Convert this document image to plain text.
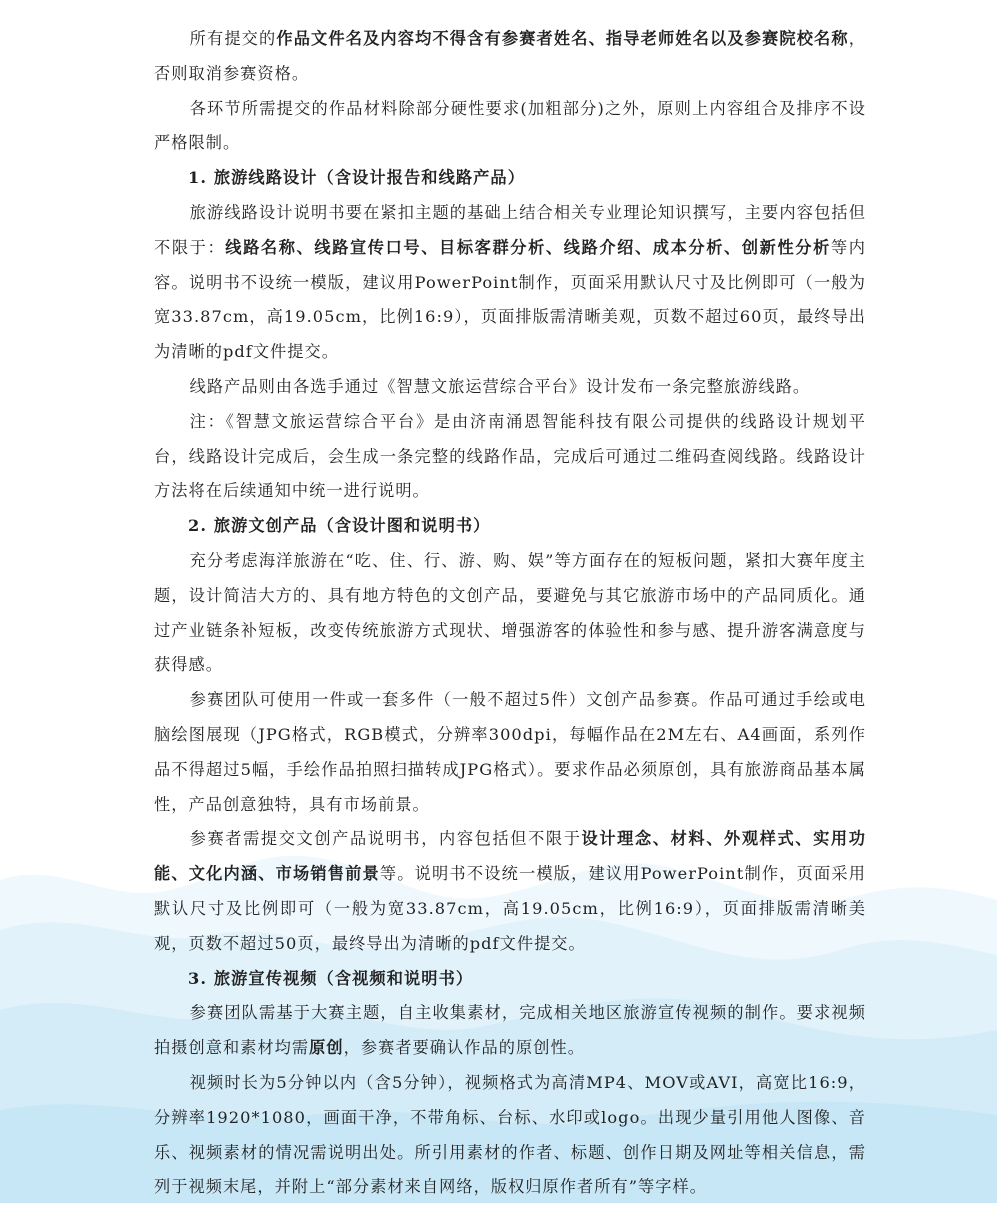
所有提交的作品文件名及内容均不得含有参赛者姓名、指导老师姓名以及参赛院校名称，否则取消参赛资格。

各环节所需提交的作品材料除部分硬性要求(加粗部分)之外，原则上内容组合及排序不设严格限制。

1. 旅游线路设计（含设计报告和线路产品）

旅游线路设计说明书要在紧扣主题的基础上结合相关专业理论知识撰写，主要内容包括但不限于：线路名称、线路宣传口号、目标客群分析、线路介绍、成本分析、创新性分析等内容。说明书不设统一模版，建议用PowerPoint制作，页面采用默认尺寸及比例即可（一般为宽33.87cm，高19.05cm，比例16:9），页面排版需清晰美观，页数不超过60页，最终导出为清晰的pdf文件提交。

线路产品则由各选手通过《智慧文旅运营综合平台》设计发布一条完整旅游线路。

注：《智慧文旅运营综合平台》是由济南涌恩智能科技有限公司提供的线路设计规划平台，线路设计完成后，会生成一条完整的线路作品，完成后可通过二维码查阅线路。线路设计方法将在后续通知中统一进行说明。

2. 旅游文创产品（含设计图和说明书）

充分考虑海洋旅游在“吃、住、行、游、购、娱”等方面存在的短板问题，紧扣大赛年度主题，设计简洁大方的、具有地方特色的文创产品，要避免与其它旅游市场中的产品同质化。通过产业链条补短板，改变传统旅游方式现状、增强游客的体验性和参与感、提升游客满意度与获得感。

参赛团队可使用一件或一套多件（一般不超过5件）文创产品参赛。作品可通过手绘或电脑绘图展现（JPG格式，RGB模式，分辨率300dpi，每幅作品在2M左右、A4画面，系列作品不得超过5幅，手绘作品拍照扫描转成JPG格式）。要求作品必须原创，具有旅游商品基本属性，产品创意独特，具有市场前景。

参赛者需提交文创产品说明书，内容包括但不限于设计理念、材料、外观样式、实用功能、文化内涵、市场销售前景等。说明书不设统一模版，建议用PowerPoint制作，页面采用默认尺寸及比例即可（一般为宽33.87cm，高19.05cm，比例16:9），页面排版需清晰美观，页数不超过50页，最终导出为清晰的pdf文件提交。

3. 旅游宣传视频（含视频和说明书）

参赛团队需基于大赛主题，自主收集素材，完成相关地区旅游宣传视频的制作。要求视频拍摄创意和素材均需原创，参赛者要确认作品的原创性。

视频时长为5分钟以内（含5分钟），视频格式为高清MP4、MOV或AVI，高宽比16:9，分辨率1920*1080，画面干净，不带角标、台标、水印或logo。出现少量引用他人图像、音乐、视频素材的情况需说明出处。所引用素材的作者、标题、创作日期及网址等相关信息，需列于视频末尾，并附上“部分素材来自网络，版权归原作者所有”等字样。
